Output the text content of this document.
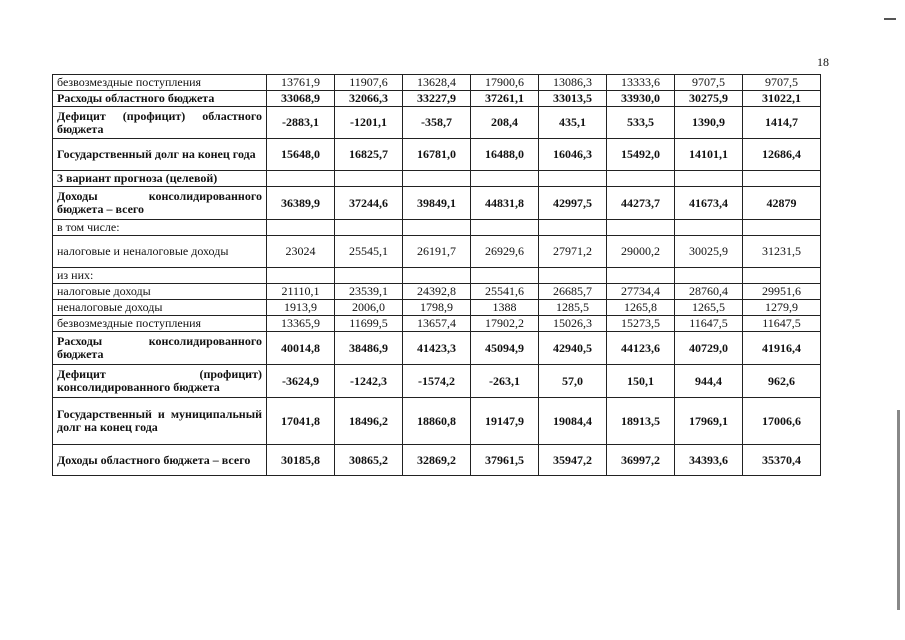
18
безвозмездные поступления	13761,9	11907,6	13628,4	17900,6	13086,3	13333,6	9707,5	9707,5
Расходы областного бюджета	33068,9	32066,3	33227,9	37261,1	33013,5	33930,0	30275,9	31022,1
Дефицит (профицит) областного бюджета	-2883,1	-1201,1	-358,7	208,4	435,1	533,5	1390,9	1414,7
Государственный долг на конец года	15648,0	16825,7	16781,0	16488,0	16046,3	15492,0	14101,1	12686,4
3 вариант прогноза (целевой)								
Доходы консолидированного бюджета – всего	36389,9	37244,6	39849,1	44831,8	42997,5	44273,7	41673,4	42879
в том числе:								
налоговые и неналоговые доходы	23024	25545,1	26191,7	26929,6	27971,2	29000,2	30025,9	31231,5
из них:								
налоговые доходы	21110,1	23539,1	24392,8	25541,6	26685,7	27734,4	28760,4	29951,6
неналоговые доходы	1913,9	2006,0	1798,9	1388	1285,5	1265,8	1265,5	1279,9
безвозмездные поступления	13365,9	11699,5	13657,4	17902,2	15026,3	15273,5	11647,5	11647,5
Расходы консолидированного бюджета	40014,8	38486,9	41423,3	45094,9	42940,5	44123,6	40729,0	41916,4
Дефицит (профицит) консолидированного бюджета	-3624,9	-1242,3	-1574,2	-263,1	57,0	150,1	944,4	962,6
Государственный и муниципальный долг на конец года	17041,8	18496,2	18860,8	19147,9	19084,4	18913,5	17969,1	17006,6
Доходы областного бюджета – всего	30185,8	30865,2	32869,2	37961,5	35947,2	36997,2	34393,6	35370,4
